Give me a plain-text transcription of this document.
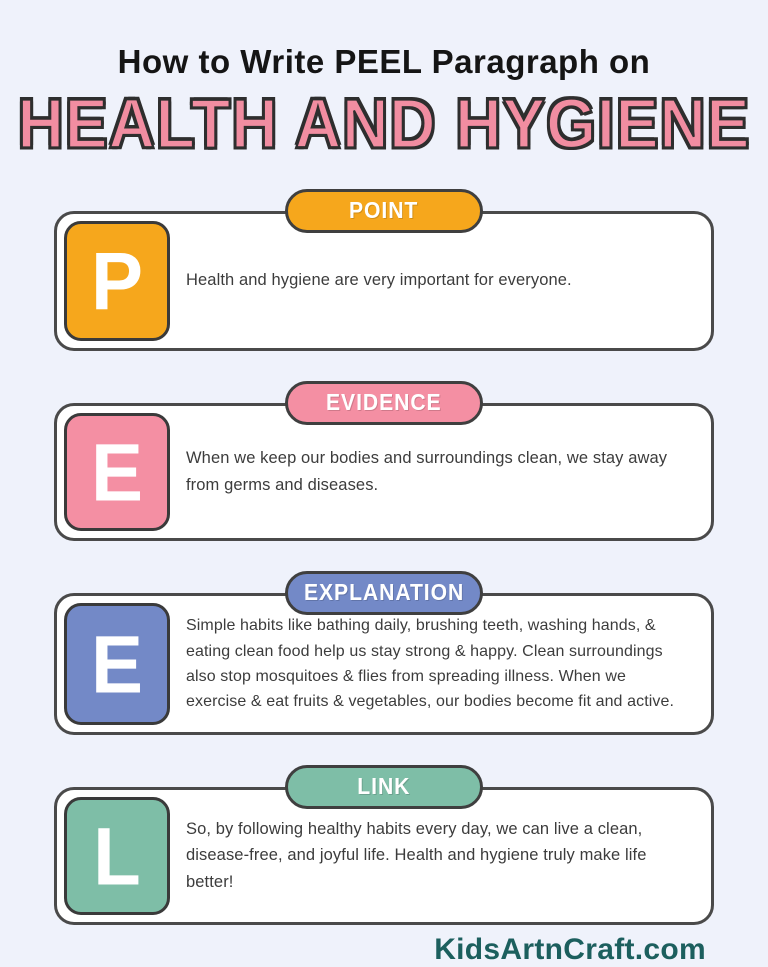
How to Write PEEL Paragraph on
HEALTH AND HYGIENE
POINT
P	Health and hygiene are very important for everyone.

EVIDENCE
E	When we keep our bodies and surroundings clean, we stay away from germs and diseases.

EXPLANATION
E	Simple habits like bathing daily, brushing teeth, washing hands, & eating clean food help us stay strong & happy. Clean surroundings also stop mosquitoes & flies from spreading illness. When we exercise & eat fruits & vegetables, our bodies become fit and active.

LINK
L	So, by following healthy habits every day, we can live a clean, disease-free, and joyful life. Health and hygiene truly make life better!

KidsArtnCraft.com
